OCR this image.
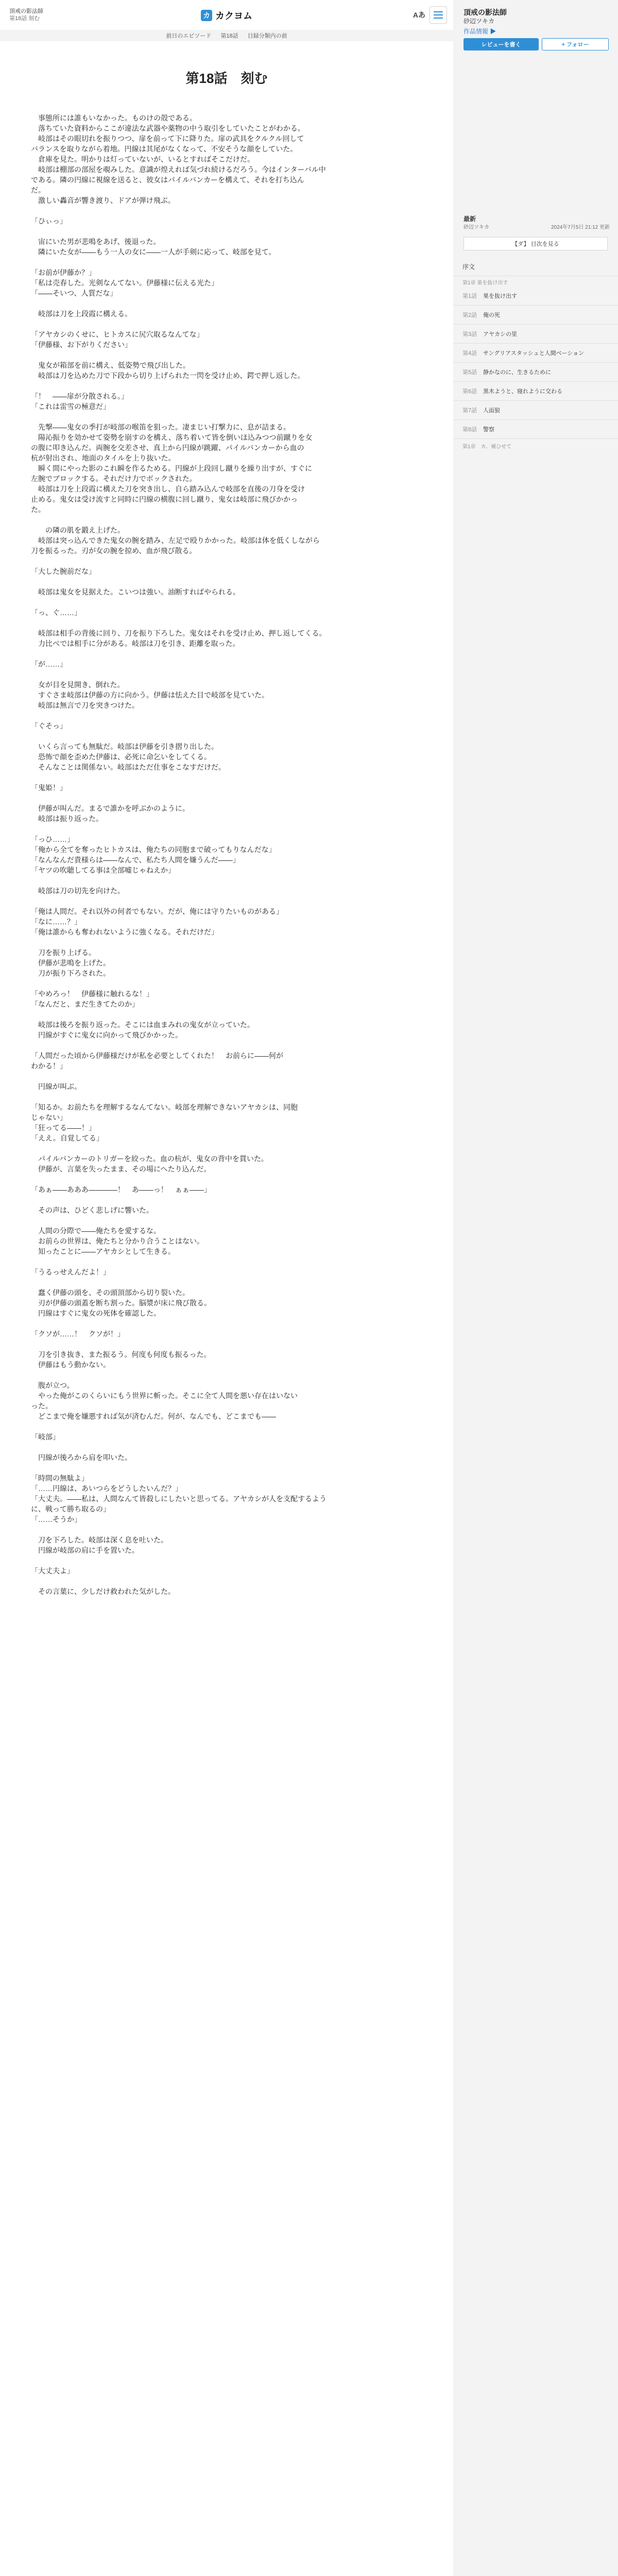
頂戒の影法師
第18話 刻む	カ カクヨム	Aあ
前日のエピソード 第18話 目録分類内の前
第18話　刻む

　事態所には誰もいなかった。ものけの殻である。
　落ちていた資料からここが違法な武器や薬物の中う取引をしていたことがわかる。
　岐部はその眼切れを振りつつ、扉を前って下に降りた。扉の武具をクルクル回して
バランスを取りながら着地。円線は其尾がなくなって、不安そうな顔をしていた。
　倉庫を見た。明かりは灯っていないが、いるとすればそこだけだ。
　岐部は棚部の部屋を覗みした。意識が煌えれば気づれ続けるだろう。今はインターバル中
である。隣の円線に視線を送ると、彼女はパイルバンカーを構えて、それを打ち込ん
だ。
　激しい轟音が響き渡り、ドアが弾け飛ぶ。

「ひぃっ」

　宙にいた男が悲鳴をあげ、後退った。
　隣にいた女が――もう一人の女に――一人が手剣に応って、岐部を見て。

「お前が伊藤か？」
「私は売春した。光剣なんてない。伊藤様に伝える光た」
「――そいつ、人質だな」

　岐部は刀を上段霞に構える。

「アヤカシのくせに、ヒトカスに尻穴取るなんてな」
「伊藤様、お下がりください」

　鬼女が箱部を前に構え、低姿勢で飛び出した。
　岐部は刀を込めた刀で下段から切り上げられた一閃を受け止め、鍔で押し返した。

「！　――扉が分散される。」
「これは雷雪の極意だ」

　先撃――鬼女の季打が岐部の喉笛を狙った。凄まじい打撃力に、息が詰まる。
　陽沁振りを効かせて姿勢を崩すのを構え、落ち着いて皆を倒いほ込みつつ前蹴りを女
の腹に叩き込んだ。両腕を交差させ、真上から円線が跳躍、パイルバンカーから血の
杭が射出され、地面のタイルを上り抜いた。
　瞬く間にやった影のこれ瞬を作るためる。円線が上段回し蹴りを繰り出すが、すぐに
左腕でブロックする。それだけ力でボックされた。
　岐部は刀を上段霞に構えた刀を突き出し、自ら踏み込んで岐部を直後の刀身を受け
止める。鬼女は受け流すと同時に円線の横腹に回し蹴り、鬼女は岐部に飛びかかっ
た。

　　の隣の肌を鍛え上げた。
　岐部は突っ込んできた鬼女の腕を踏み、左足で殴りかかった。岐部は体を低くしながら
刀を振るった。刃が女の腕を掠め、血が飛び散る。

「大した腕前だな」

　岐部は鬼女を見据えた。こいつは強い。油断すればやられる。

「っ、ぐ……」

　岐部は相手の背後に回り、刀を振り下ろした。鬼女はそれを受け止め、押し返してくる。
　力比べでは相手に分がある。岐部は刀を引き、距離を取った。

「が……」

　女が目を見開き、倒れた。
　すぐさま岐部は伊藤の方に向かう。伊藤は怯えた目で岐部を見ていた。
　岐部は無言で刀を突きつけた。

「ぐそっ」

　いくら言っても無駄だ。岐部は伊藤を引き摺り出した。
　恐怖で顔を歪めた伊藤は、必死に命乞いをしてくる。
　そんなことは関係ない。岐部はただ仕事をこなすだけだ。

「鬼姫！」

　伊藤が叫んだ。まるで誰かを呼ぶかのように。
　岐部は振り返った。

「っひ……」
「俺から全てを奪ったヒトカスは、俺たちの同胞まで破ってもりなんだな」
「なんなんだ貴様らは――なんで、私たち人間を嫌うんだ――」
「ヤツの吹聴してる事は全部嘘じゃねえか」

　岐部は刀の切先を向けた。

「俺は人間だ。それ以外の何者でもない。だが、俺には守りたいものがある」
「なに……？」
「俺は誰からも奪われないように強くなる。それだけだ」

　刀を振り上げる。
　伊藤が悲鳴を上げた。
　刀が振り下ろされた。

「やめろっ！　伊藤様に触れるな！」
「なんだと、まだ生きてたのか」

　岐部は後ろを振り返った。そこには血まみれの鬼女が立っていた。
　円線がすぐに鬼女に向かって飛びかかった。

「人間だった頃から伊藤様だけが私を必要としてくれた！　お前らに――何が
わかる！」

　円線が叫ぶ。

「知るか。お前たちを理解するなんてない。岐部を理解できないアヤカシは、同胞
じゃない」
「狂ってる――！」
「ええ。自覚してる」

　パイルバンカーのトリガーを絞った。血の杭が、鬼女の背中を貫いた。
　伊藤が、言葉を失ったまま、その場にへたり込んだ。

「あぁ――あああ――――！　あ――っ！　ぁぁ――」

　その声は、ひどく悲しげに響いた。

　人間の分際で――俺たちを愛するな。
　お前らの世界は、俺たちと分かり合うことはない。
　知ったことに――アヤカシとして生きる。

「うるっせえんだよ！」

　蠢く伊藤の頭を、その頭頂部から切り裂いた。
　刃が伊藤の頭蓋を断ち割った。脳漿が床に飛び散る。
　円線はすぐに鬼女の死体を確認した。

「クソが……！　クソが！」

　刀を引き抜き、また振るう。何度も何度も振るった。
　伊藤はもう動かない。

　腹が立つ。
　やった俺がこのくらいにもう世界に斬った。そこに全て人間を悪い存在はいない
った。
　どこまで俺を嫌悪すれば気が済むんだ。何が、なんでも、どこまでも――

「岐部」

　円線が後ろから肩を叩いた。

「時間の無駄よ」
「……円線は、あいつらをどうしたいんだ？」
「大丈夫。――私は、人間なんて皆殺しにしたいと思ってる。アヤカシが人を支配するよう
に、戦って勝ち取るの」
「……そうか」

　刀を下ろした。岐部は深く息を吐いた。
　円線が岐部の肩に手を置いた。

「大丈夫よ」

　その言葉に、少しだけ救われた気がした。

頂戒の影法師
砂辺ツキカ
作品情報 ▶
レビューを書く	+ フォロー
最新
砂辺ツキカ	2024年7月5日 21:12 更新
【ダ】 目次を見る
序文
第1章 巣を抜け出す
第1話	巣を抜け出す
第2話	俺の死
第3話	アヤカシの里
第4話	サングリアスタッシュと人間ベーション
第5話	静かなのに、生きるために
第6話	黒木ようと、寝れように交わる
第7話	人面狼
第8話	警察
第1章　カ、補ひせて
